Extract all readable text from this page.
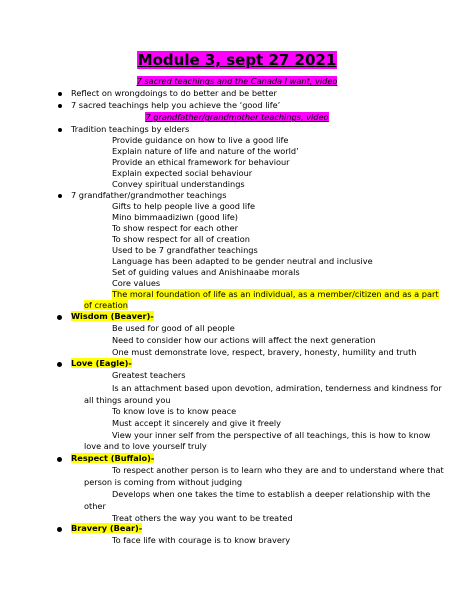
Module 3, sept 27 2021
7 sacred teachings and the Canada I want, video
Reflect on wrongdoings to do better and be better
7 sacred teachings help you achieve the ‘good life’
7 grandfather/grandmother teachings, video
Tradition teachings by elders
Provide guidance on how to live a good life
Explain nature of life and nature of the world’
Provide an ethical framework for behaviour
Explain expected social behaviour
Convey spiritual understandings
7 grandfather/grandmother teachings
Gifts to help people live a good life
Mino bimmaadiziwn (good life)
To show respect for each other
To show respect for all of creation
Used to be 7 grandfather teachings
Language has been adapted to be gender neutral and inclusive
Set of guiding values and Anishinaabe morals
Core values
The moral foundation of life as an individual, as a member/citizen and as a part
of creation
Wisdom (Beaver)-
Be used for good of all people
Need to consider how our actions will affect the next generation
One must demonstrate love, respect, bravery, honesty, humility and truth
Love (Eagle)-
Greatest teachers
Is an attachment based upon devotion, admiration, tenderness and kindness for
all things around you
To know love is to know peace
Must accept it sincerely and give it freely
View your inner self from the perspective of all teachings, this is how to know
love and to love yourself truly
Respect (Buffalo)-
To respect another person is to learn who they are and to understand where that
person is coming from without judging
Develops when one takes the time to establish a deeper relationship with the
other
Treat others the way you want to be treated
Bravery (Bear)-
To face life with courage is to know bravery
